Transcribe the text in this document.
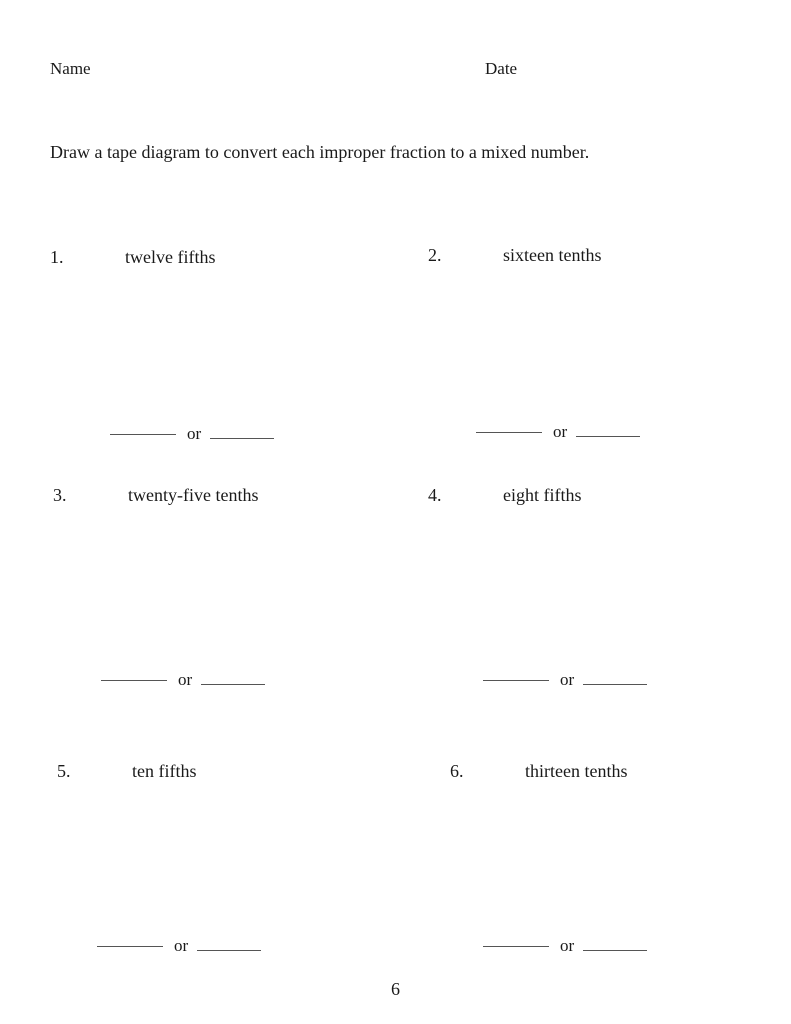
Name	Date
Draw a tape diagram to convert each improper fraction to a mixed number.
1.	twelve fifths
or
2.	sixteen tenths
or
3.	twenty-five tenths
or
4.	eight fifths
or
5.	ten fifths
or
6.	thirteen tenths
or
6
